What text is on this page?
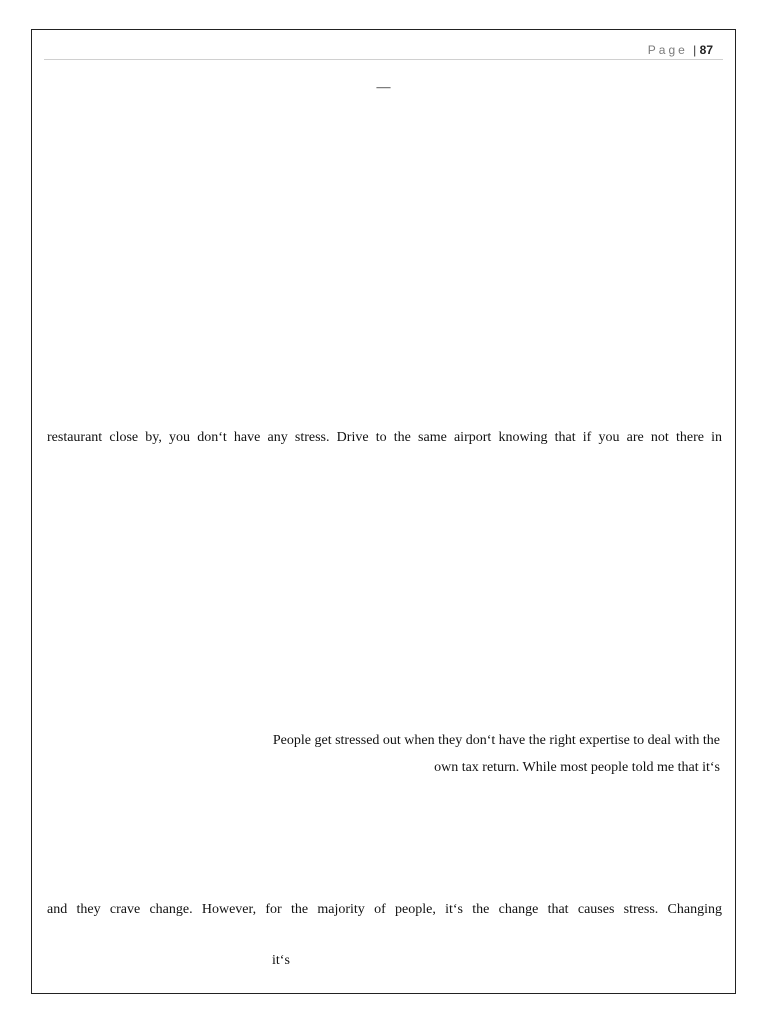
Page | 87
—
restaurant close by, you don‘t have any stress. Drive to the same airport knowing that if you are not there in
People get stressed out when they don‘t have the right expertise to deal with the
own tax return. While most people told me that it‘s
and they crave change. However, for the majority of people, it‘s the change that causes stress. Changing
it‘s
